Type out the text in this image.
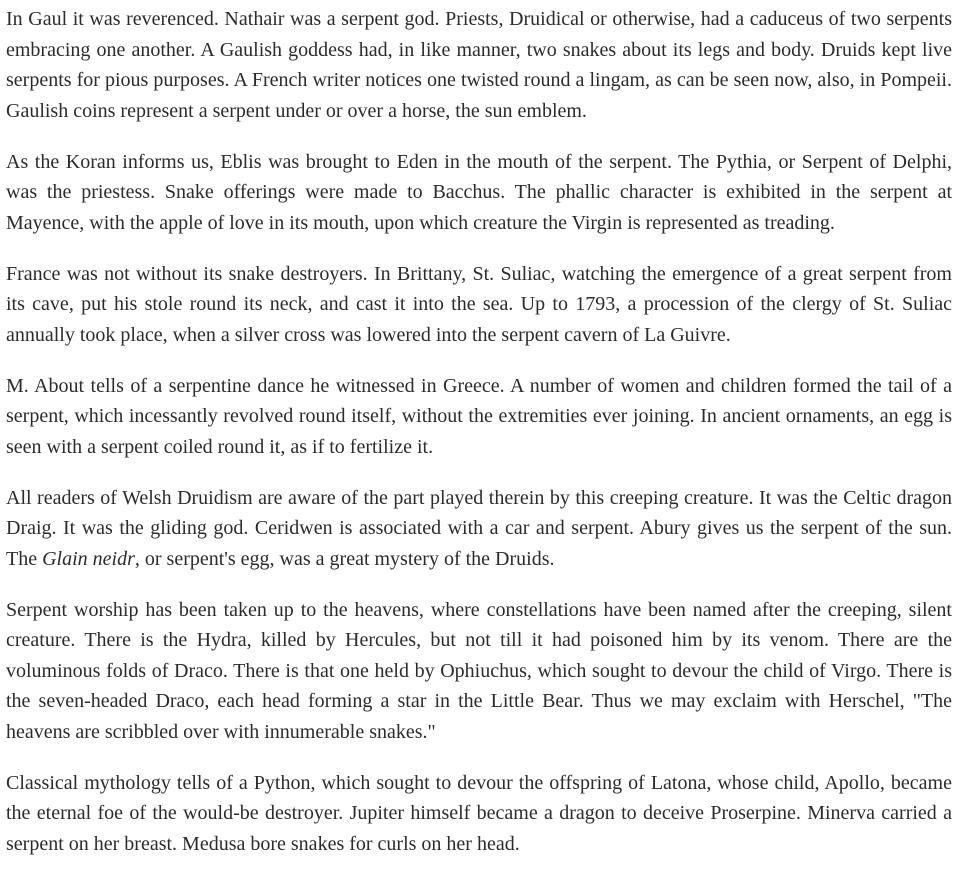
In Gaul it was reverenced. Nathair was a serpent god. Priests, Druidical or otherwise, had a caduceus of two serpents embracing one another. A Gaulish goddess had, in like manner, two snakes about its legs and body. Druids kept live serpents for pious purposes. A French writer notices one twisted round a lingam, as can be seen now, also, in Pompeii. Gaulish coins represent a serpent under or over a horse, the sun emblem.

As the Koran informs us, Eblis was brought to Eden in the mouth of the serpent. The Pythia, or Serpent of Delphi, was the priestess. Snake offerings were made to Bacchus. The phallic character is exhibited in the serpent at Mayence, with the apple of love in its mouth, upon which creature the Virgin is represented as treading.

France was not without its snake destroyers. In Brittany, St. Suliac, watching the emergence of a great serpent from its cave, put his stole round its neck, and cast it into the sea. Up to 1793, a procession of the clergy of St. Suliac annually took place, when a silver cross was lowered into the serpent cavern of La Guivre.

M. About tells of a serpentine dance he witnessed in Greece. A number of women and children formed the tail of a serpent, which incessantly revolved round itself, without the extremities ever joining. In ancient ornaments, an egg is seen with a serpent coiled round it, as if to fertilize it.

All readers of Welsh Druidism are aware of the part played therein by this creeping creature. It was the Celtic dragon Draig. It was the gliding god. Ceridwen is associated with a car and serpent. Abury gives us the serpent of the sun. The Glain neidr, or serpent's egg, was a great mystery of the Druids.

Serpent worship has been taken up to the heavens, where constellations have been named after the creeping, silent creature. There is the Hydra, killed by Hercules, but not till it had poisoned him by its venom. There are the voluminous folds of Draco. There is that one held by Ophiuchus, which sought to devour the child of Virgo. There is the seven-headed Draco, each head forming a star in the Little Bear. Thus we may exclaim with Herschel, "The heavens are scribbled over with innumerable snakes."

Classical mythology tells of a Python, which sought to devour the offspring of Latona, whose child, Apollo, became the eternal foe of the would-be destroyer. Jupiter himself became a dragon to deceive Proserpine. Minerva carried a serpent on her breast. Medusa bore snakes for curls on her head.
